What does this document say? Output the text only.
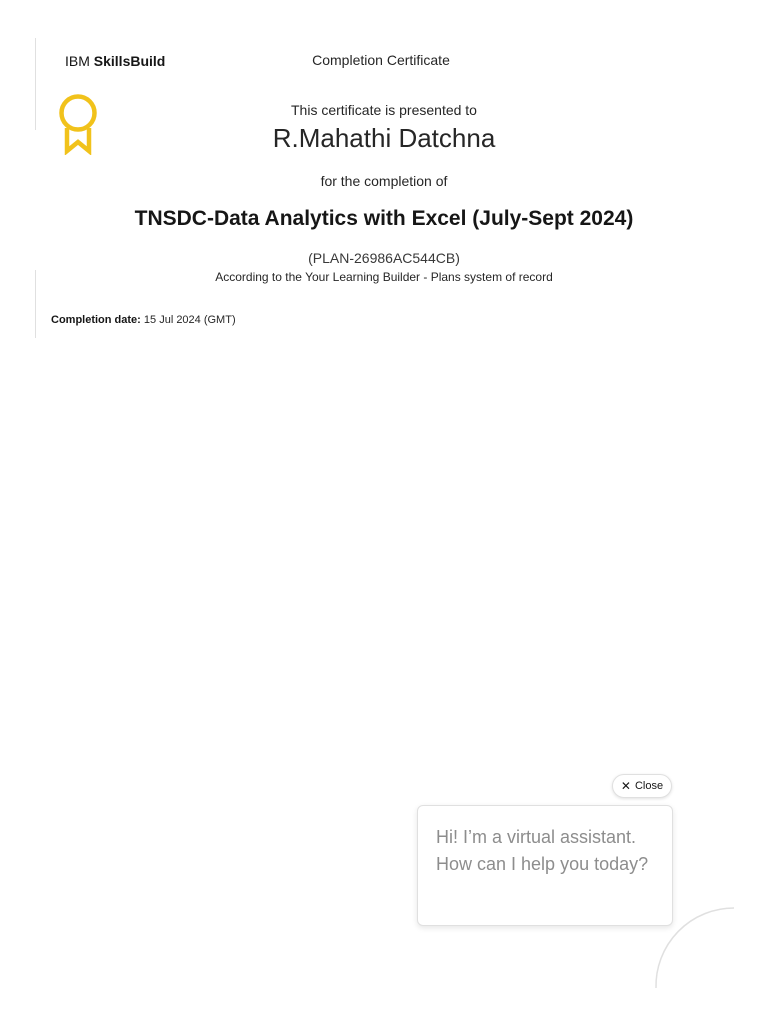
IBM SkillsBuild	Completion Certificate
This certificate is presented to
R.Mahathi Datchna
for the completion of
TNSDC-Data Analytics with Excel (July-Sept 2024)
(PLAN-26986AC544CB)
According to the Your Learning Builder - Plans system of record
Completion date: 15 Jul 2024 (GMT)
✕ Close
Hi! I’m a virtual assistant. How can I help you today?
